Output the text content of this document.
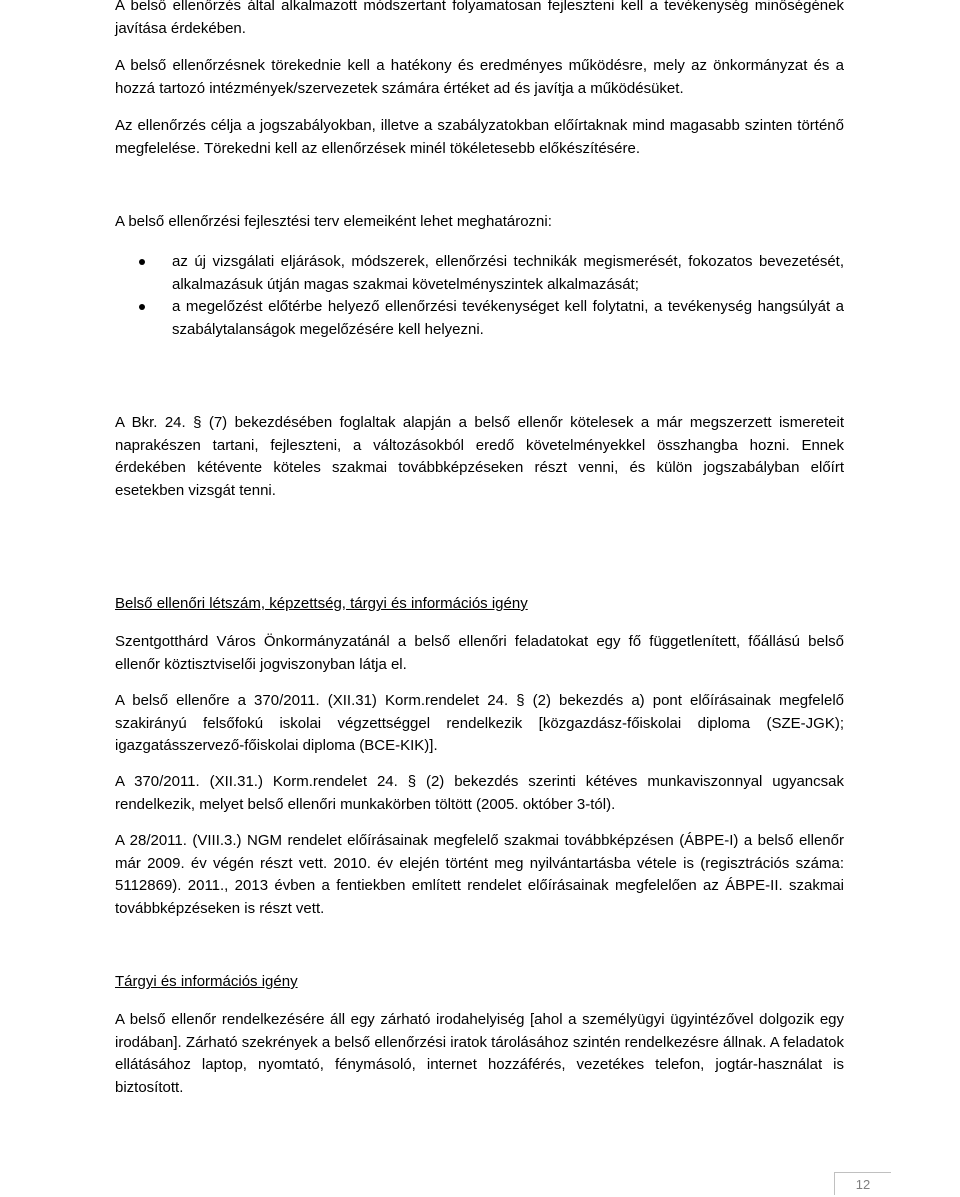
A belső ellenőrzés által alkalmazott módszertant folyamatosan fejleszteni kell a tevékenység minőségének javítása érdekében.

A belső ellenőrzésnek törekednie kell a hatékony és eredményes működésre, mely az önkormányzat és a hozzá tartozó intézmények/szervezetek számára értéket ad és javítja a működésüket.

Az ellenőrzés célja a jogszabályokban, illetve a szabályzatokban előírtaknak mind magasabb szinten történő megfelelése. Törekedni kell az ellenőrzések minél tökéletesebb előkészítésére.

A belső ellenőrzési fejlesztési terv elemeiként lehet meghatározni:

az új vizsgálati eljárások, módszerek, ellenőrzési technikák megismerését, fokozatos bevezetését, alkalmazásuk útján magas szakmai követelményszintek alkalmazását;
a megelőzést előtérbe helyező ellenőrzési tevékenységet kell folytatni, a tevékenység hangsúlyát a szabálytalanságok megelőzésére kell helyezni.

A Bkr. 24. § (7) bekezdésében foglaltak alapján a belső ellenőr kötelesek a már megszerzett ismereteit naprakészen tartani, fejleszteni, a változásokból eredő követelményekkel összhangba hozni. Ennek érdekében kétévente köteles szakmai továbbképzéseken részt venni, és külön jogszabályban előírt esetekben vizsgát tenni.

Belső ellenőri létszám, képzettség, tárgyi és információs igény

Szentgotthárd Város Önkormányzatánál a belső ellenőri feladatokat egy fő függetlenített, főállású belső ellenőr köztisztviselői jogviszonyban látja el.

A belső ellenőre a 370/2011. (XII.31) Korm.rendelet 24. § (2) bekezdés a) pont előírásainak megfelelő szakirányú felsőfokú iskolai végzettséggel rendelkezik [közgazdász-főiskolai diploma (SZE-JGK); igazgatásszervező-főiskolai diploma (BCE-KIK)].

A 370/2011. (XII.31.) Korm.rendelet 24. § (2) bekezdés szerinti kétéves munkaviszonnyal ugyancsak rendelkezik, melyet belső ellenőri munkakörben töltött (2005. október 3-tól).

A 28/2011. (VIII.3.) NGM rendelet előírásainak megfelelő szakmai továbbképzésen (ÁBPE-I) a belső ellenőr már 2009. év végén részt vett. 2010. év elején történt meg nyilvántartásba vétele is (regisztrációs száma: 5112869). 2011., 2013 évben a fentiekben említett rendelet előírásainak megfelelően az ÁBPE-II. szakmai továbbképzéseken is részt vett.

Tárgyi és információs igény

A belső ellenőr rendelkezésére áll egy zárható irodahelyiség [ahol a személyügyi ügyintézővel dolgozik egy irodában]. Zárható szekrények a belső ellenőrzési iratok tárolásához szintén rendelkezésre állnak. A feladatok ellátásához laptop, nyomtató, fénymásoló, internet hozzáférés, vezetékes telefon, jogtár-használat is biztosított.

12
